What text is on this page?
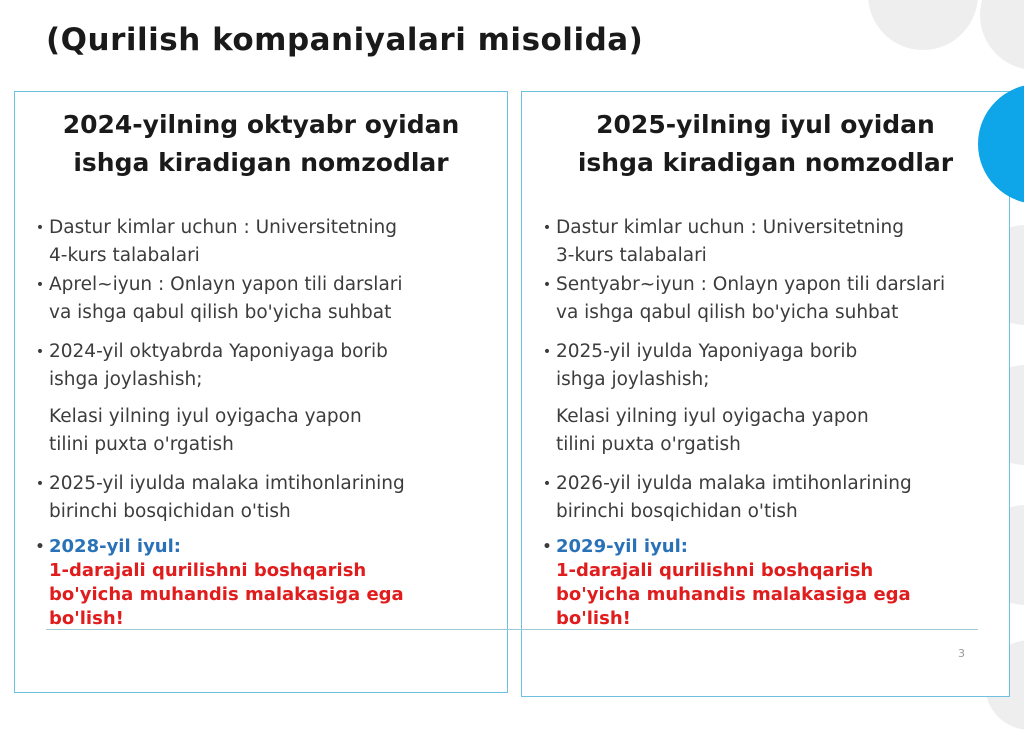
(Qurilish kompaniyalari misolida)
2024-yilning oktyabr oyidan
ishga kiradigan nomzodlar
• Dastur kimlar uchun : Universitetning
4-kurs talabalari
• Aprel~iyun : Onlayn yapon tili darslari
va ishga qabul qilish bo'yicha suhbat
• 2024-yil oktyabrda Yaponiyaga borib
ishga joylashish;
Kelasi yilning iyul oyigacha yapon
tilini puxta o'rgatish
• 2025-yil iyulda malaka imtihonlarining
birinchi bosqichidan o'tish
• 2028-yil iyul:
1-darajali qurilishni boshqarish
bo'yicha muhandis malakasiga ega
bo'lish!
2025-yilning iyul oyidan
ishga kiradigan nomzodlar
• Dastur kimlar uchun : Universitetning
3-kurs talabalari
• Sentyabr~iyun : Onlayn yapon tili darslari
va ishga qabul qilish bo'yicha suhbat
• 2025-yil iyulda Yaponiyaga borib
ishga joylashish;
Kelasi yilning iyul oyigacha yapon
tilini puxta o'rgatish
• 2026-yil iyulda malaka imtihonlarining
birinchi bosqichidan o'tish
• 2029-yil iyul:
1-darajali qurilishni boshqarish
bo'yicha muhandis malakasiga ega
bo'lish!
3
